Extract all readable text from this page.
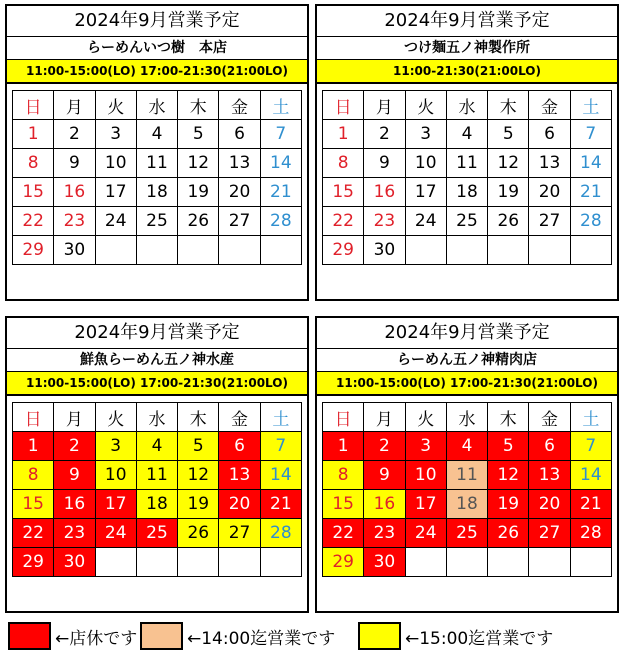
2024年9月営業予定
らーめんいつ樹　本店
11:00-15:00(LO) 17:00-21:30(21:00LO)
日	月	火	水	木	金	土
1	2	3	4	5	6	7
8	9	10	11	12	13	14
15	16	17	18	19	20	21
22	23	24	25	26	27	28
29	30					
2024年9月営業予定
つけ麺五ノ神製作所
11:00-21:30(21:00LO)
日	月	火	水	木	金	土
1	2	3	4	5	6	7
8	9	10	11	12	13	14
15	16	17	18	19	20	21
22	23	24	25	26	27	28
29	30					
2024年9月営業予定
鮮魚らーめん五ノ神水産
11:00-15:00(LO) 17:00-21:30(21:00LO)
日	月	火	水	木	金	土
1	2	3	4	5	6	7
8	9	10	11	12	13	14
15	16	17	18	19	20	21
22	23	24	25	26	27	28
29	30					
2024年9月営業予定
らーめん五ノ神精肉店
11:00-15:00(LO) 17:00-21:30(21:00LO)
日	月	火	水	木	金	土
1	2	3	4	5	6	7
8	9	10	11	12	13	14
15	16	17	18	19	20	21
22	23	24	25	26	27	28
29	30					
←店休です	←14:00迄営業です	←15:00迄営業です
